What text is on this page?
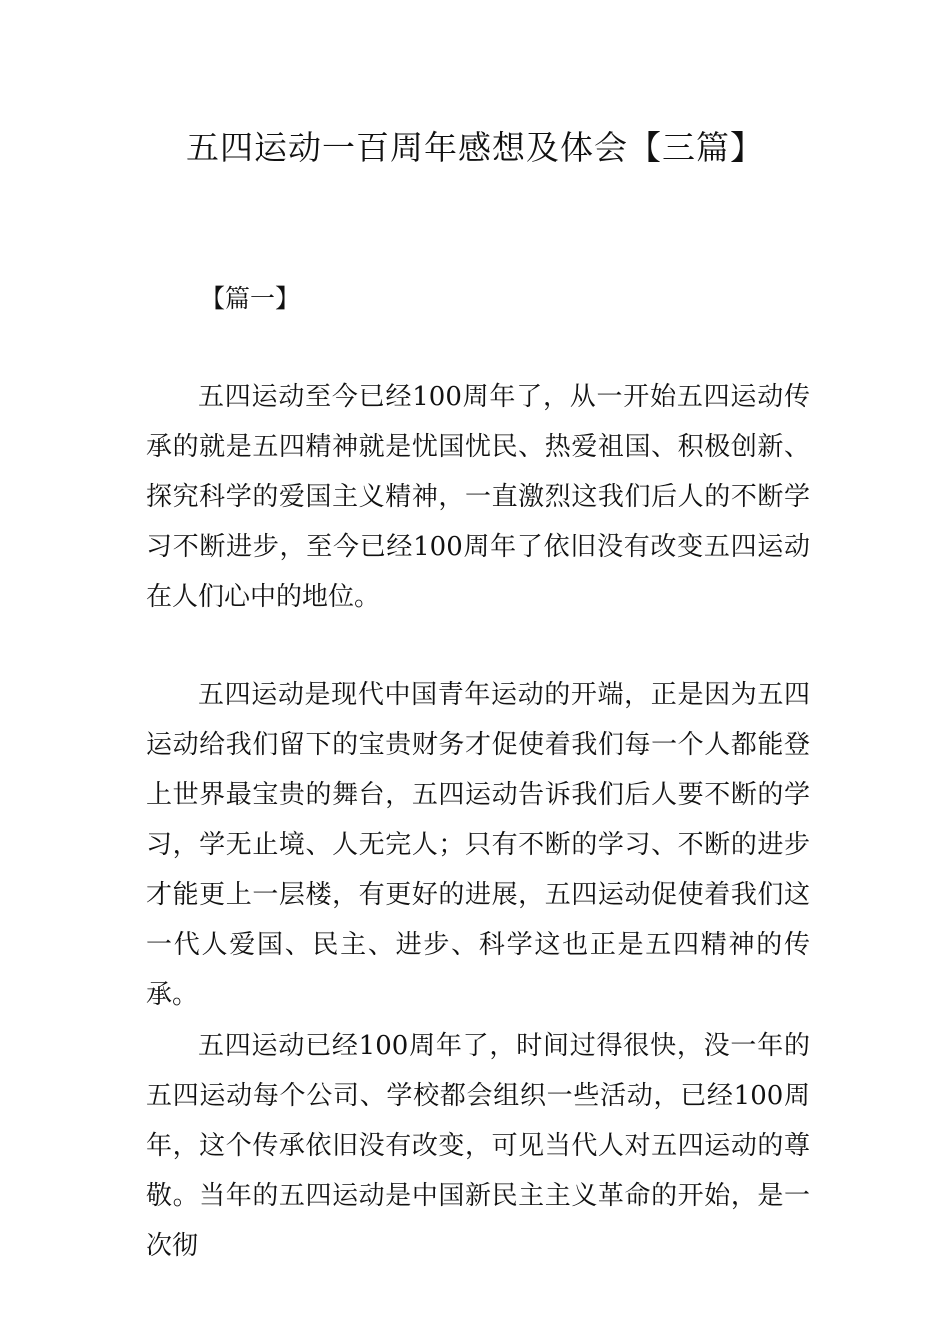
五四运动一百周年感想及体会【三篇】
【篇一】

五四运动至今已经100周年了，从一开始五四运动传承的就是五四精神就是忧国忧民、热爱祖国、积极创新、探究科学的爱国主义精神，一直激烈这我们后人的不断学习不断进步，至今已经100周年了依旧没有改变五四运动在人们心中的地位。

五四运动是现代中国青年运动的开端，正是因为五四运动给我们留下的宝贵财务才促使着我们每一个人都能登上世界最宝贵的舞台，五四运动告诉我们后人要不断的学习，学无止境、人无完人；只有不断的学习、不断的进步才能更上一层楼，有更好的进展，五四运动促使着我们这一代人爱国、民主、进步、科学这也正是五四精神的传承。

五四运动已经100周年了，时间过得很快，没一年的五四运动每个公司、学校都会组织一些活动，已经100周年，这个传承依旧没有改变，可见当代人对五四运动的尊敬。当年的五四运动是中国新民主主义革命的开始，是一次彻
